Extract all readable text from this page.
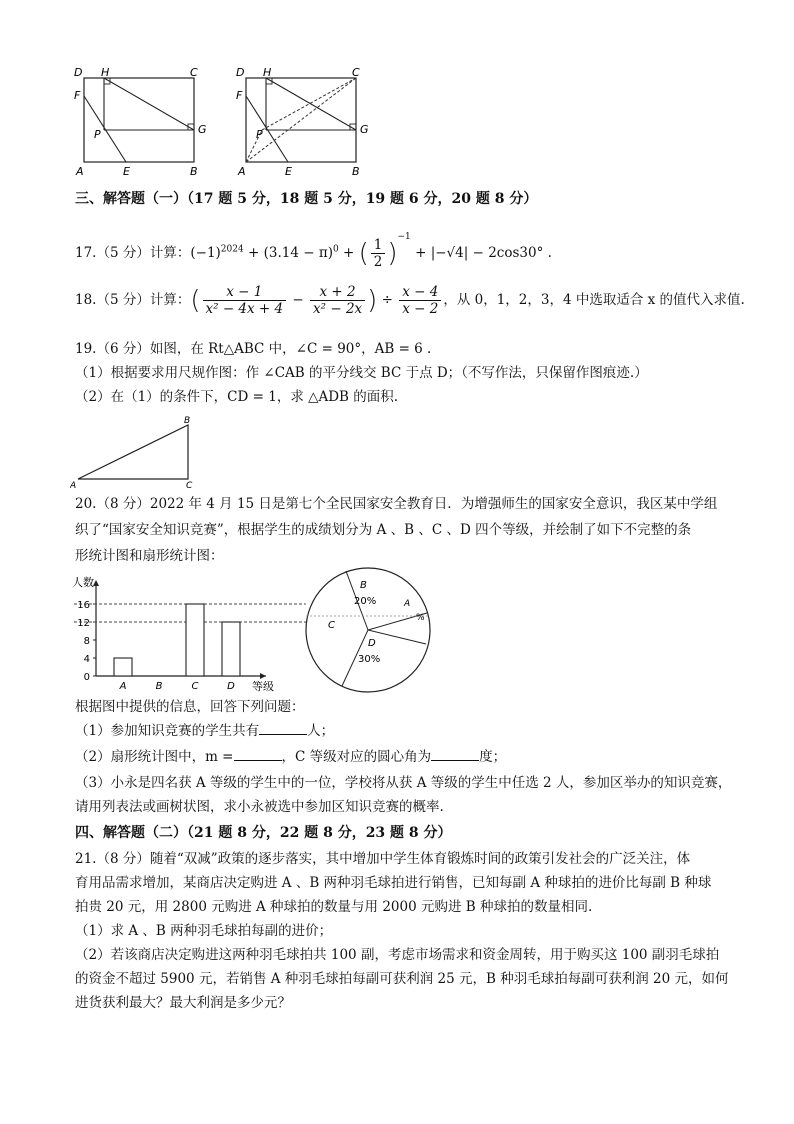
D H	C
F
P	G
A	E	B
D H	C
F
P	G
A	E	B
三、解答题（一）（17 题 5 分，18 题 5 分，19 题 6 分，20 题 8 分）
17.（5 分）计算：$(-1)^{2024} + (3.14 - \pi)^0$ + ( $\frac{1}{2} )^{-1} + |-√4| - 2\cos 30^\circ$ .
18.（5 分）计算：( $\frac{x - 1}{\text{x² − 4x + 4}} - \frac{x + 2}{\text{x² − 2x}}$ ) ÷ $\frac{x - 4}{x - 2}$ ，从 0，1，2，3，4 中选取适合 x 的值代入求值.
19.（6 分）如图，在 Rt△ABC 中，∠C = 90°，AB = 6 .
（1）根据要求用尺规作图：作 ∠CAB 的平分线交 BC 于点 D；（不写作法，只保留作图痕迹.）
（2）在（1）的条件下，CD = 1，求 △ADB 的面积.
A
B
C
20.（8 分）2022 年 4 月 15 日是第七个全民国家安全教育日．为增强师生的国家安全意识，我区某中学组
织了“国家安全知识竞赛”，根据学生的成绩划分为 A 、B 、C 、D 四个等级，并绘制了如下不完整的条
形统计图和扇形统计图：
人数
等级
0
4
8
12
16
A	B	C	D
B
20%	A
%
C
D
30%
根据图中提供的信息，回答下列问题：
（1）参加知识竞赛的学生共有	人；
（2）扇形统计图中，m =	，C 等级对应的圆心角为	度；
（3）小永是四名获 A 等级的学生中的一位，学校将从获 A 等级的学生中任选 2 人，参加区举办的知识竞赛，
请用列表法或画树状图，求小永被选中参加区知识竞赛的概率.
四、解答题（二）（21 题 8 分，22 题 8 分，23 题 8 分）
21.（8 分）随着“双减”政策的逐步落实，其中增加中学生体育锻炼时间的政策引发社会的广泛关注，体
育用品需求增加，某商店决定购进 A 、B 两种羽毛球拍进行销售，已知每副 A 种球拍的进价比每副 B 种球
拍贵 20 元，用 2800 元购进 A 种球拍的数量与用 2000 元购进 B 种球拍的数量相同.
（1）求 A 、B 两种羽毛球拍每副的进价；
（2）若该商店决定购进这两种羽毛球拍共 100 副，考虑市场需求和资金周转，用于购买这 100 副羽毛球拍
的资金不超过 5900 元，若销售 A 种羽毛球拍每副可获利润 25 元，B 种羽毛球拍每副可获利润 20 元，如何
进货获利最大？最大利润是多少元？
